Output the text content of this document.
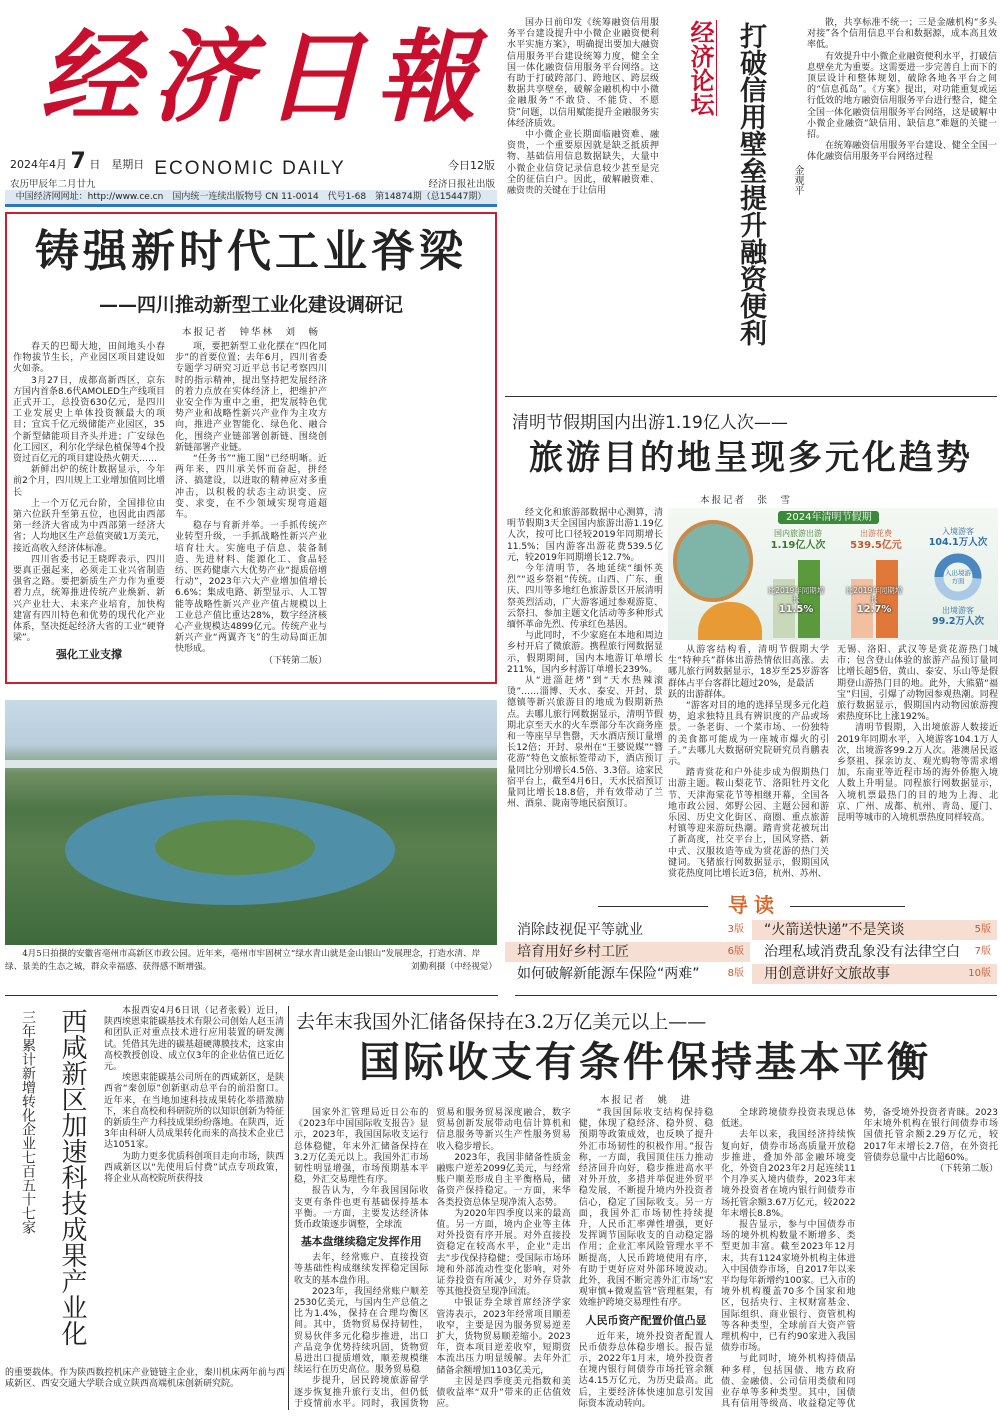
经济日報
2024年4月 7 日　 星期日
农历甲辰年二月廿九
ECONOMIC DAILY	今日12版
经济日报社出版
中国经济网网址：http://www.ce.cn　国内统一连续出版物号 CN 11-0014　代号1-68　第14874期（总15447期）
铸强新时代工业脊梁
——四川推动新型工业化建设调研记
本报记者　钟华林　刘　畅

春天的巴蜀大地，田间地头小春作物拔节生长，产业园区项目建设如火如荼。

3月27日，成都高新西区，京东方国内首条8.6代AMOLED生产线项目正式开工，总投资630亿元，是四川工业发展史上单体投资额最大的项目；宜宾千亿元级储能产业园区，35个新型储能项目齐头并进；广安绿色化工园区，利尔化学绿色植保等4个投资过百亿元的项目建设热火朝天……

新鲜出炉的统计数据显示，今年前2个月，四川规上工业增加值同比增长

上一个万亿元台阶，全国排位由第六位跃升至第五位，也因此由西部第一经济大省成为中西部第一经济大省；人均地区生产总值突破1万美元，接近高收入经济体标准。

四川省委书记王晓晖表示，四川要真正强起来，必须走工业兴省制造强省之路。要把新质生产力作为重要着力点，统筹推进传统产业焕新、新兴产业壮大、未来产业培育，加快构建富有四川特色和优势的现代化产业体系，坚决挺起经济大省的工业“硬脊梁”。

强化工业支撑

项，要把新型工业化摆在“四化同步”的首要位置；去年6月，四川省委专题学习研究习近平总书记考察四川时的指示精神，提出坚持把发展经济的着力点放在实体经济上，把维护产业安全作为重中之重，把发展特色优势产业和战略性新兴产业作为主攻方向，推进产业智能化、绿色化、融合化，围绕产业链部署创新链、围绕创新链部署产业链。

“任务书”“施工图”已经明晰。近两年来，四川承关怀而奋起，拼经济、搞建设，以进取的精神应对多重冲击，以积极的状态主动识变、应变、求变，在不少领域实现弯道超车。

稳存与育新并举。一手抓传统产业转型升级，一手抓战略性新兴产业培育壮大。实施电子信息、装备制造、先进材料、能源化工、食品轻纺、医药健康六大优势产业“提质倍增行动”，2023年六大产业增加值增长6.6%；集成电路、新型显示、人工智能等战略性新兴产业产值占规模以上工业总产值比重达28%，数字经济核心产业规模达4899亿元。传统产业与新兴产业“两翼齐飞”的生动局面正加快形成。

（下转第二版）

4月5日拍摄的安徽省亳州市高新区市政公园。近年来，亳州市牢固树立“绿水青山就是金山银山”发展理念，打造水清、岸绿、景美的生态之城，群众幸福感、获得感不断增强。	刘勤利摄（中经视觉）

国办日前印发《统筹融资信用服务平台建设提升中小微企业融资便利水平实施方案》，明确提出要加大融资信用服务平台建设统筹力度，健全全国一体化融资信用服务平台网络。这有助于打破跨部门、跨地区、跨层级数据共享壁垒，破解金融机构中小微金融服务“不敢贷、不能贷、不愿贷”问题，以信用赋能提升金融服务实体经济质效。

中小微企业长期面临融资难、融资贵，一个重要原因就是缺乏抵质押物、基础信用信息数据缺失，大量中小微企业信贷记录信息较少甚至是完全的征信白户。因此，破解融资难、融资贵的关键在于让信用

经济论坛 打破信用壁垒提升融资便利	金观平

散，共享标准不统一；三是金融机构“多头对接”各个信用信息平台和数据源，成本高且效率低。

有效提升中小微企业融资便利水平，打破信息壁垒尤为重要。这需要进一步完善自上而下的顶层设计和整体规划，破除各地各平台之间的“信息孤岛”。《方案》提出，对功能重复或运行低效的地方融资信用服务平台进行整合，健全全国一体化融资信用服务平台网络，这是破解中小微企业融资“缺信用、缺信息”难题的关键一招。

在统筹融资信用服务平台建设、健全全国一体化融资信用服务平台网络过程

清明节假期国内出游1.19亿人次——
旅游目的地呈现多元化趋势
本报记者　张　雪

经文化和旅游部数据中心测算，清明节假期3天全国国内旅游出游1.19亿人次，按可比口径较2019年同期增长11.5%；国内游客出游花费539.5亿元，较2019年同期增长12.7%。

今年清明节，各地延续“缅怀英烈”“返乡祭祖”传统。山西、广东、重庆、四川等多地红色旅游景区开展清明祭英烈活动，广大游客通过参观游览、云祭扫、参加主题文化活动等多种形式缅怀革命先烈、传承红色基因。

与此同时，不少家庭在本地和周边乡村开启了微旅游。携程旅行网数据显示，假期期间，国内本地游订单增长211%，国内乡村游订单增长239%。

从“进淄赶烤”到“天水热辣滚烫”……淄博、天水、泰安、开封、景德镇等新兴旅游目的地成为假期新热点。去哪儿旅行网数据显示，清明节假期北京至天水的火车票部分车次商务座和一等座早早售罄，天水酒店预订量增长12倍；开封、泉州在“王婆说媒”“簪花游”特色文旅标签带动下，酒店预订量同比分别增长4.5倍、3.3倍。途家民宿平台上，截至4月6日，天水民宿预订量同比增长18.8倍，并有效带动了兰州、酒泉、陇南等地民宿预订。

2024年清明节假期
国内旅游出游
1.19亿人次
比2019年同期增长
11.5%
出游花费
539.5亿元
比2019年同期增长
12.7%
入境游客
104.1万人次
入出境游方面
出境游客
99.2万人次

从游客结构看，清明节假期大学生“特种兵”群体出游热情依旧高涨。去哪儿旅行网数据显示，18岁至25岁游客群体占平台客群比超过20%，是最活

跃的出游群体。

“游客对目的地的选择呈现多元化趋势，追求独特且具有辨识度的产品或场景。一条老街、一个菜市场、一份独特的美食都可能成为一座城市爆火的引子。”去哪儿大数据研究院研究员肖鹏表示。

踏青赏花和户外徒步成为假期热门出游主题。鞍山梨花节、洛阳牡丹文化节、天津海棠花节等相继开幕，全国各地市政公园、郊野公园、主题公园和游乐园、历史文化街区、商圈、重点旅游村镇等迎来游玩热潮。踏青赏花被玩出了新高度，社交平台上，国风穿搭、新中式、汉服妆造等成为赏花游的热门关键词。飞猪旅行网数据显示，假期国风赏花热度同比增长近3倍，杭州、苏州、

无锡、洛阳、武汉等是赏花游热门城市；包含登山体验的旅游产品预订量同比增长超5倍，黄山、泰安、乐山等是假期登山游热门目的地。此外，大熊猫“福宝”归国，引爆了动物园参观热潮。同程旅行数据显示，假期国内动物园旅游搜索热度环比上涨192%。

清明节假期，入出境旅游人数接近2019年同期水平，入境游客104.1万人次，出境游客99.2万人次。港澳居民返乡祭祖、探亲访友、观光购物等需求增加，东南亚等近程市场的海外侨胞入境人数上升明显。同程旅行网数据显示，入境机票最热门的目的地为上海、北京、广州、成都、杭州、青岛、厦门、昆明等城市的入境机票热度同样较高。

导读
消除歧视促平等就业	3版	“火箭送快递”不是笑谈	5版
培育用好乡村工匠	6版	治理私域消费乱象没有法律空白 7版
如何破解新能源车保险“两难”	8版	用创意讲好文旅故事	10版
三年累计新增转化企业七百五十七家 西咸新区加速科技成果产业化	本报西安4月6日讯（记者张毅）近日，陕西埃恩束能碳基技术有限公司创始人赵玉清和团队正对重点技术进行应用装置的研发测试。凭借其先进的碳基超硬薄膜技术，这家由高校教授创设、成立仅3年的企业估值已近亿元。

埃恩束能碳基公司所在的西咸新区，是陕西省“秦创原”创新驱动总平台的前沿窗口。近年来，在当地加速科技成果转化举措激励下，来自高校和科研院所的以知识创新为特征的新质生产力科技成果纷纷落地。在陕西，近3年由科研人员成果转化而来的高技术企业已达1051家。

为助力更多优质科创项目走向市场，陕西西咸新区以“先使用后付费”试点专项政策，将企业从高校院所获得技

的重要载体。作为陕西数控机床产业链链主企业，秦川机床两年前与西咸新区、西安交通大学联合成立陕西高端机床创新研究院。

去年末我国外汇储备保持在3.2万亿美元以上——
国际收支有条件保持基本平衡
本报记者　姚　进

国家外汇管理局近日公布的《2023年中国国际收支报告》显示，2023年，我国国际收支运行总体稳健，年末外汇储备保持在3.2万亿美元以上。我国外汇市场韧性明显增强，市场预期基本平稳，外汇交易理性有序。

报告认为，今年我国国际收支更有条件也更有基础保持基本平衡。一方面，主要发达经济体货币政策逐步调整，全球流

基本盘继续稳定发挥作用

去年，经常账户、直接投资等基础性构成继续发挥稳定国际收支的基本盘作用。

2023年，我国经常账户顺差2530亿美元，与国内生产总值之比为1.4%，保持在合理均衡区间。其中，货物贸易保持韧性，贸易伙伴多元化稳步推进，出口产品竞争优势持续巩固，货物贸易进出口提质增效，顺差规模继续运行在历史高位。服务贸易稳

步提升，居民跨境旅游留学逐步恢复推升旅行支出，但仍低于疫情前水平。同时，我国货物贸易和服务贸易深度融合，数字贸易创新发展带动电信计算机和信息服务等新兴生产性服务贸易收入稳步增长。

2023年，我国非储备性质金融账户逆差2099亿美元，与经常账户顺差形成自主平衡格局，储备资产保持稳定。一方面，来华各类投资总体呈现净流入态势。

为2020年四季度以来的最高值。另一方面，境内企业等主体对外投资有序开展。对外直接投资稳定在较高水平，企业“走出去”步伐保持稳健；受国际市场环境和外部流动性变化影响，对外证券投资有所减少，对外存贷款等其他投资呈现净回流。

中银证券全球首席经济学家管涛表示，2023年经常项目顺差收窄，主要是因为服务贸易逆差扩大，货物贸易顺差缩小。2023年，资本项目逆差收窄，短期资本流出压力明显缓解。去年外汇储备余额增加1103亿美元，

主因是四季度美元指数和美债收益率“双升”带来的正估值效应。

“我国国际收支结构保持稳健，体现了稳经济、稳外贸、稳预期等政策成效，也反映了提升外汇市场韧性的积极作用。”报告称，一方面，我国顶住压力推动经济回升向好，稳步推进高水平对外开放，多措并举促进外贸平稳发展，不断提升境内外投资者信心，稳定了国际收支。另一方面，我国外汇市场韧性持续提升，人民币汇率弹性增强，更好发挥调节国际收支的自动稳定器作用；企业汇率风险管理水平不断提高，人民币跨境使用有序，有助于更好应对外部环境波动。此外，我国不断完善外汇市场“宏观审慎+微观监管”管理框架，有效维护跨境交易理性有序。

人民币资产配置价值凸显

近年来，境外投资者配置人民币债券总体稳步增长。报告显示，2022年1月末，境外投资者在境内银行间债券市场托管余额达4.15万亿元，为历史最高。此后，主要经济体快速加息引发国际资本流动转向。

全球跨境债券投资表现总体低迷。

去年以来，我国经济持续恢复向好，债券市场高质量开放稳步推进，叠加外部金融环境变化，外资自2023年2月起连续11个月净买入境内债券，2023年末境外投资者在境内银行间债券市场托管余额3.67万亿元，较2022年末增长8.8%。

报告显示，参与中国债券市场的境外机构数量不断增多、类型更加丰富。截至2023年12月末，共有1124家境外机构主体进入中国债券市场，自2017年以来平均每年新增约100家。已入市的境外机构覆盖70多个国家和地区，包括央行、主权财富基金、国际组织、商业银行、资管机构等各种类型，全球前百大资产管理机构中，已有约90家进入我国债券市场。

与此同时，境外机构持债品种多样，包括国债、地方政府债、金融债、公司信用类债和同业存单等多种类型。其中，国债具有信用等级高、收益稳定等优势，备受境外投资者青睐。2023年末境外机构在银行间债券市场国债托管余额2.29万亿元，较2017年末增长2.7倍，在外资托管债券总量中占比超60%。

（下转第二版）
